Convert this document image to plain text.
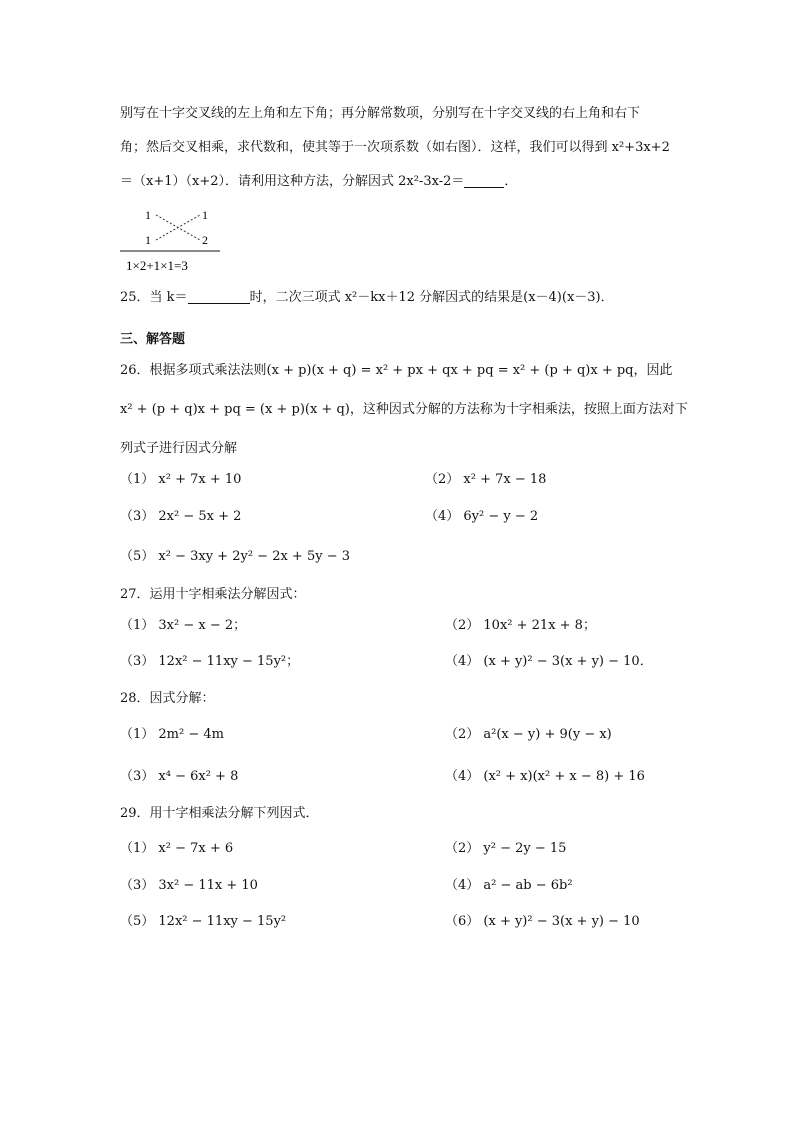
别写在十字交叉线的左上角和左下角；再分解常数项，分别写在十字交叉线的右上角和右下
角；然后交叉相乘，求代数和，使其等于一次项系数（如右图）．这样，我们可以得到 x²+3x+2
＝（x+1）（x+2）．请利用这种方法，分解因式 2x²-3x-2＝	．
1	1
1	2
1×2+1×1=3
25．当 k＝	时，二次三项式 x²－kx＋12 分解因式的结果是(x－4)(x－3)．
三、解答题
26．根据多项式乘法法则(x + p)(x + q) = x² + px + qx + pq = x² + (p + q)x + pq，因此
x² + (p + q)x + pq = (x + p)(x + q)，这种因式分解的方法称为十字相乘法，按照上面方法对下
列式子进行因式分解
（1） x² + 7x + 10	（2） x² + 7x − 18
（3） 2x² − 5x + 2	（4） 6y² − y − 2
（5） x² − 3xy + 2y² − 2x + 5y − 3
27．运用十字相乘法分解因式：
（1） 3x² − x − 2；	（2） 10x² + 21x + 8；
（3） 12x² − 11xy − 15y²；	（4） (x + y)² − 3(x + y) − 10．
28．因式分解：
（1） 2m² − 4m	（2） a²(x − y) + 9(y − x)
（3） x⁴ − 6x² + 8	（4） (x² + x)(x² + x − 8) + 16
29．用十字相乘法分解下列因式．
（1） x² − 7x + 6	（2） y² − 2y − 15
（3） 3x² − 11x + 10	（4） a² − ab − 6b²
（5） 12x² − 11xy − 15y²	（6） (x + y)² − 3(x + y) − 10
